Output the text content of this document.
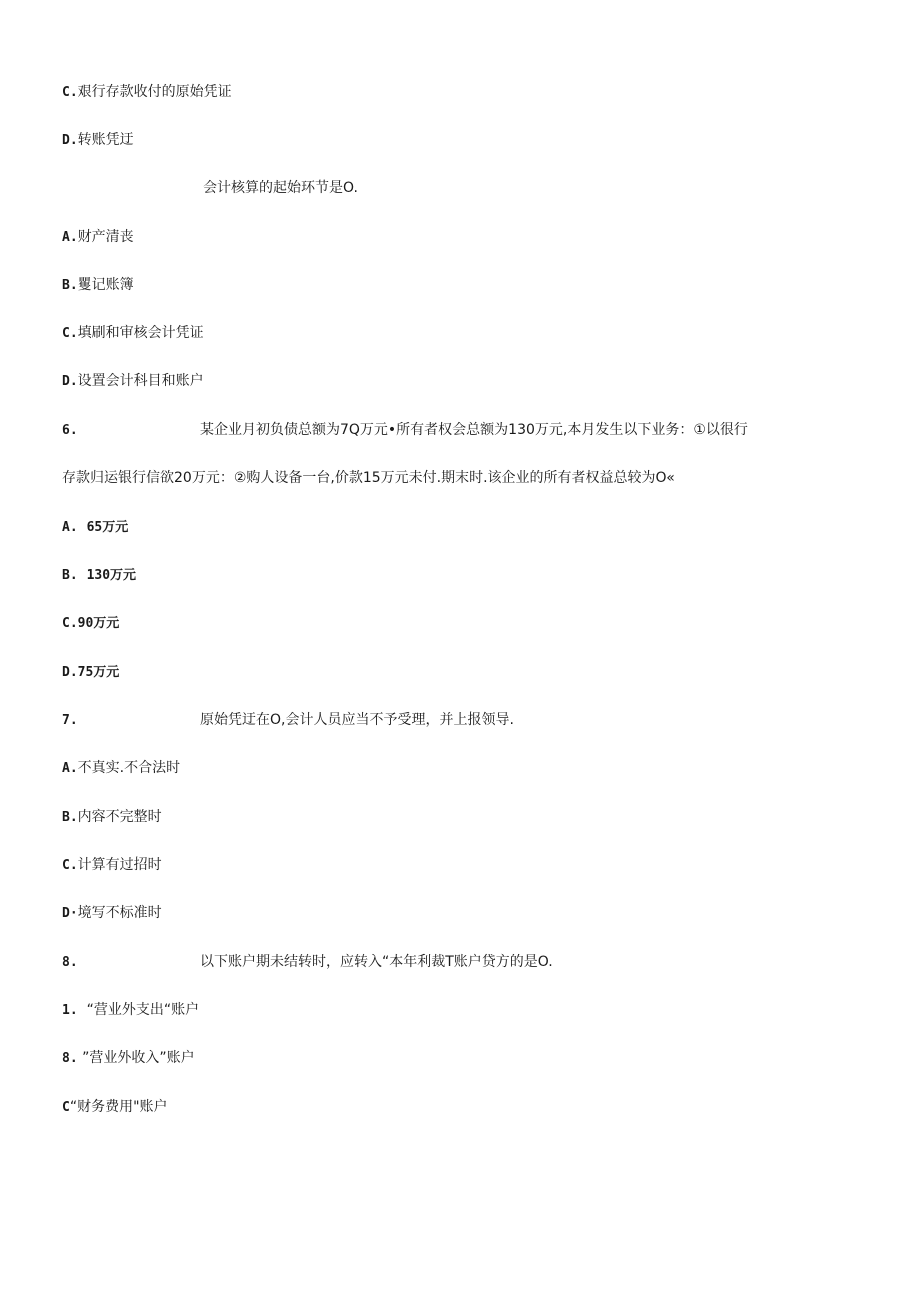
C.艰行存款收付的原始凭证
D.转账凭迂
会计核算的起始环节是O.
A.财产清丧
B.矍记账簿
C.填刷和审核会计凭证
D.设置会计科目和账户
6.	某企业月初负债总额为7Q万元•所有者权会总额为130万元,本月发生以下业务：①以很行
存款归运银行信欲20万元：②购人设备一台,价款15万元未付.期末时.该企业的所有者权益总较为O«
A. 65万元
B. 130万元
C.90万元
D.75万元
7.	原始凭迂在O,会计人员应当不予受理，并上报领导.
A.不真实.不合法时
B.内容不完整时
C.计算有过招时
D·境写不标准时
8.	以下账户期未结转时，应转入“本年利裁T账户贷方的是O.
1. “营业外支出“账户
8. ”营业外收入”账户
C“财务费用"账户
